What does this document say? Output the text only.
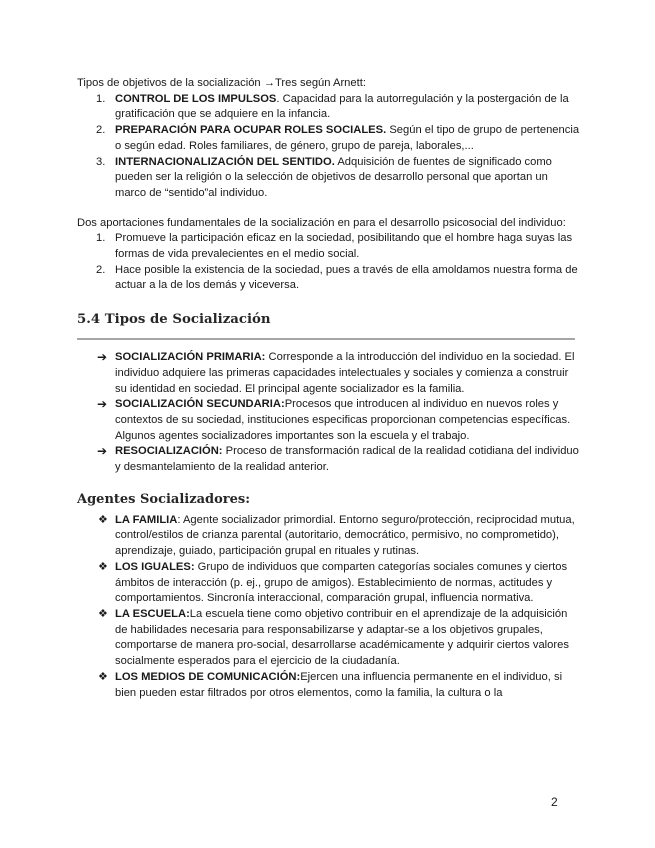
Tipos de objetivos de la socialización →Tres según Arnett:

1. CONTROL DE LOS IMPULSOS. Capacidad para la autorregulación y la postergación de la gratificación que se adquiere en la infancia.
2. PREPARACIÓN PARA OCUPAR ROLES SOCIALES. Según el tipo de grupo de pertenencia o según edad. Roles familiares, de género, grupo de pareja, laborales,...
3. INTERNACIONALIZACIÓN DEL SENTIDO. Adquisición de fuentes de significado como pueden ser la religión o la selección de objetivos de desarrollo personal que aportan un marco de “sentido”al individuo.

Dos aportaciones fundamentales de la socialización en para el desarrollo psicosocial del individuo:

1. Promueve la participación eficaz en la sociedad, posibilitando que el hombre haga suyas las formas de vida prevalecientes en el medio social.
2. Hace posible la existencia de la sociedad, pues a través de ella amoldamos nuestra forma de actuar a la de los demás y viceversa.
5.4 Tipos de Socialización
➔ SOCIALIZACIÓN PRIMARIA: Corresponde a la introducción del individuo en la sociedad. El individuo adquiere las primeras capacidades intelectuales y sociales y comienza a construir su identidad en sociedad. El principal agente socializador es la familia.
➔ SOCIALIZACIÓN SECUNDARIA:Procesos que introducen al individuo en nuevos roles y contextos de su sociedad, instituciones especificas proporcionan competencias específicas. Algunos agentes socializadores importantes son la escuela y el trabajo.
➔ RESOCIALIZACIÓN: Proceso de transformación radical de la realidad cotidiana del individuo y desmantelamiento de la realidad anterior.
Agentes Socializadores:
❖ LA FAMILIA: Agente socializador primordial. Entorno seguro/protección, reciprocidad mutua, control/estilos de crianza parental (autoritario, democrático, permisivo, no comprometido), aprendizaje, guiado, participación grupal en rituales y rutinas.
❖ LOS IGUALES: Grupo de individuos que comparten categorías sociales comunes y ciertos ámbitos de interacción (p. ej., grupo de amigos). Establecimiento de normas, actitudes y comportamientos. Sincronía interaccional, comparación grupal, influencia normativa.
❖ LA ESCUELA:La escuela tiene como objetivo contribuir en el aprendizaje de la adquisición de habilidades necesaria para responsabilizarse y adaptar-se a los objetivos grupales, comportarse de manera pro-social, desarrollarse académicamente y adquirir ciertos valores socialmente esperados para el ejercicio de la ciudadanía.
❖ LOS MEDIOS DE COMUNICACIÓN:Ejercen una influencia permanente en el individuo, si bien pueden estar filtrados por otros elementos, como la familia, la cultura o la
2
